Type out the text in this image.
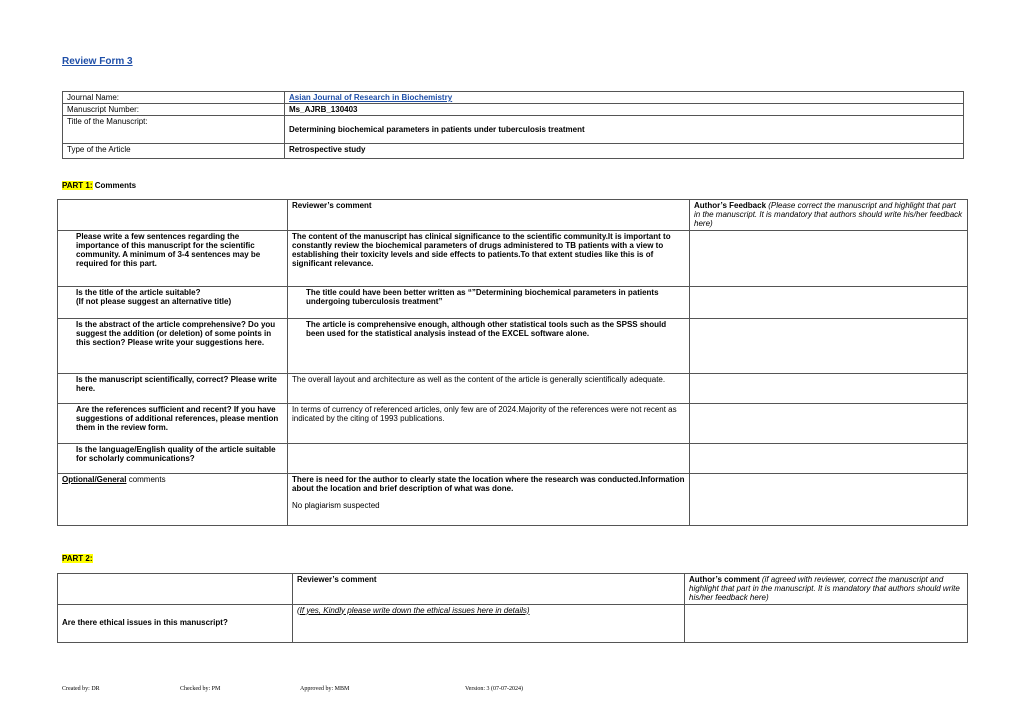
Review Form 3
Journal Name:	Asian Journal of Research in Biochemistry
Manuscript Number:	Ms_AJRB_130403
Title of the Manuscript:	Determining biochemical parameters in patients under tuberculosis treatment
Type of the Article	Retrospective study
PART 1: Comments
	Reviewer’s comment	Author’s Feedback (Please correct the manuscript and highlight that part in the manuscript. It is mandatory that authors should write his/her feedback here)
Please write a few sentences regarding the importance of this manuscript for the scientific community. A minimum of 3-4 sentences may be required for this part.	The content of the manuscript has clinical significance to the scientific community.It is important to constantly review the biochemical parameters of drugs administered to TB patients with a view to establishing their toxicity levels and side effects to patients.To that extent studies like this is of significant relevance.	
Is the title of the article suitable?
(If not please suggest an alternative title)	The title could have been better written as “”Determining biochemical parameters in patients undergoing tuberculosis treatment”	
Is the abstract of the article comprehensive? Do you suggest the addition (or deletion) of some points in this section? Please write your suggestions here.	The article is comprehensive enough, although other statistical tools such as the SPSS should been used for the statistical analysis instead of the EXCEL software alone.	
Is the manuscript scientifically, correct? Please write here.	The overall layout and architecture as well as the content of the article is generally scientifically adequate.	
Are the references sufficient and recent? If you have suggestions of additional references, please mention them in the review form.	In terms of currency of referenced articles, only few are of 2024.Majority of the references were not recent as indicated by the citing of 1993 publications.	
Is the language/English quality of the article suitable for scholarly communications?		
Optional/General comments	There is need for the author to clearly state the location where the research was conducted.Information about the location and brief description of what was done.
No plagiarism suspected	

PART 2:
	Reviewer’s comment	Author’s comment (if agreed with reviewer, correct the manuscript and highlight that part in the manuscript. It is mandatory that authors should write his/her feedback here)
Are there ethical issues in this manuscript?	(If yes, Kindly please write down the ethical issues here in details)	
Created by: DR	Checked by: PM	Approved by: MBM	Version: 3 (07-07-2024)
